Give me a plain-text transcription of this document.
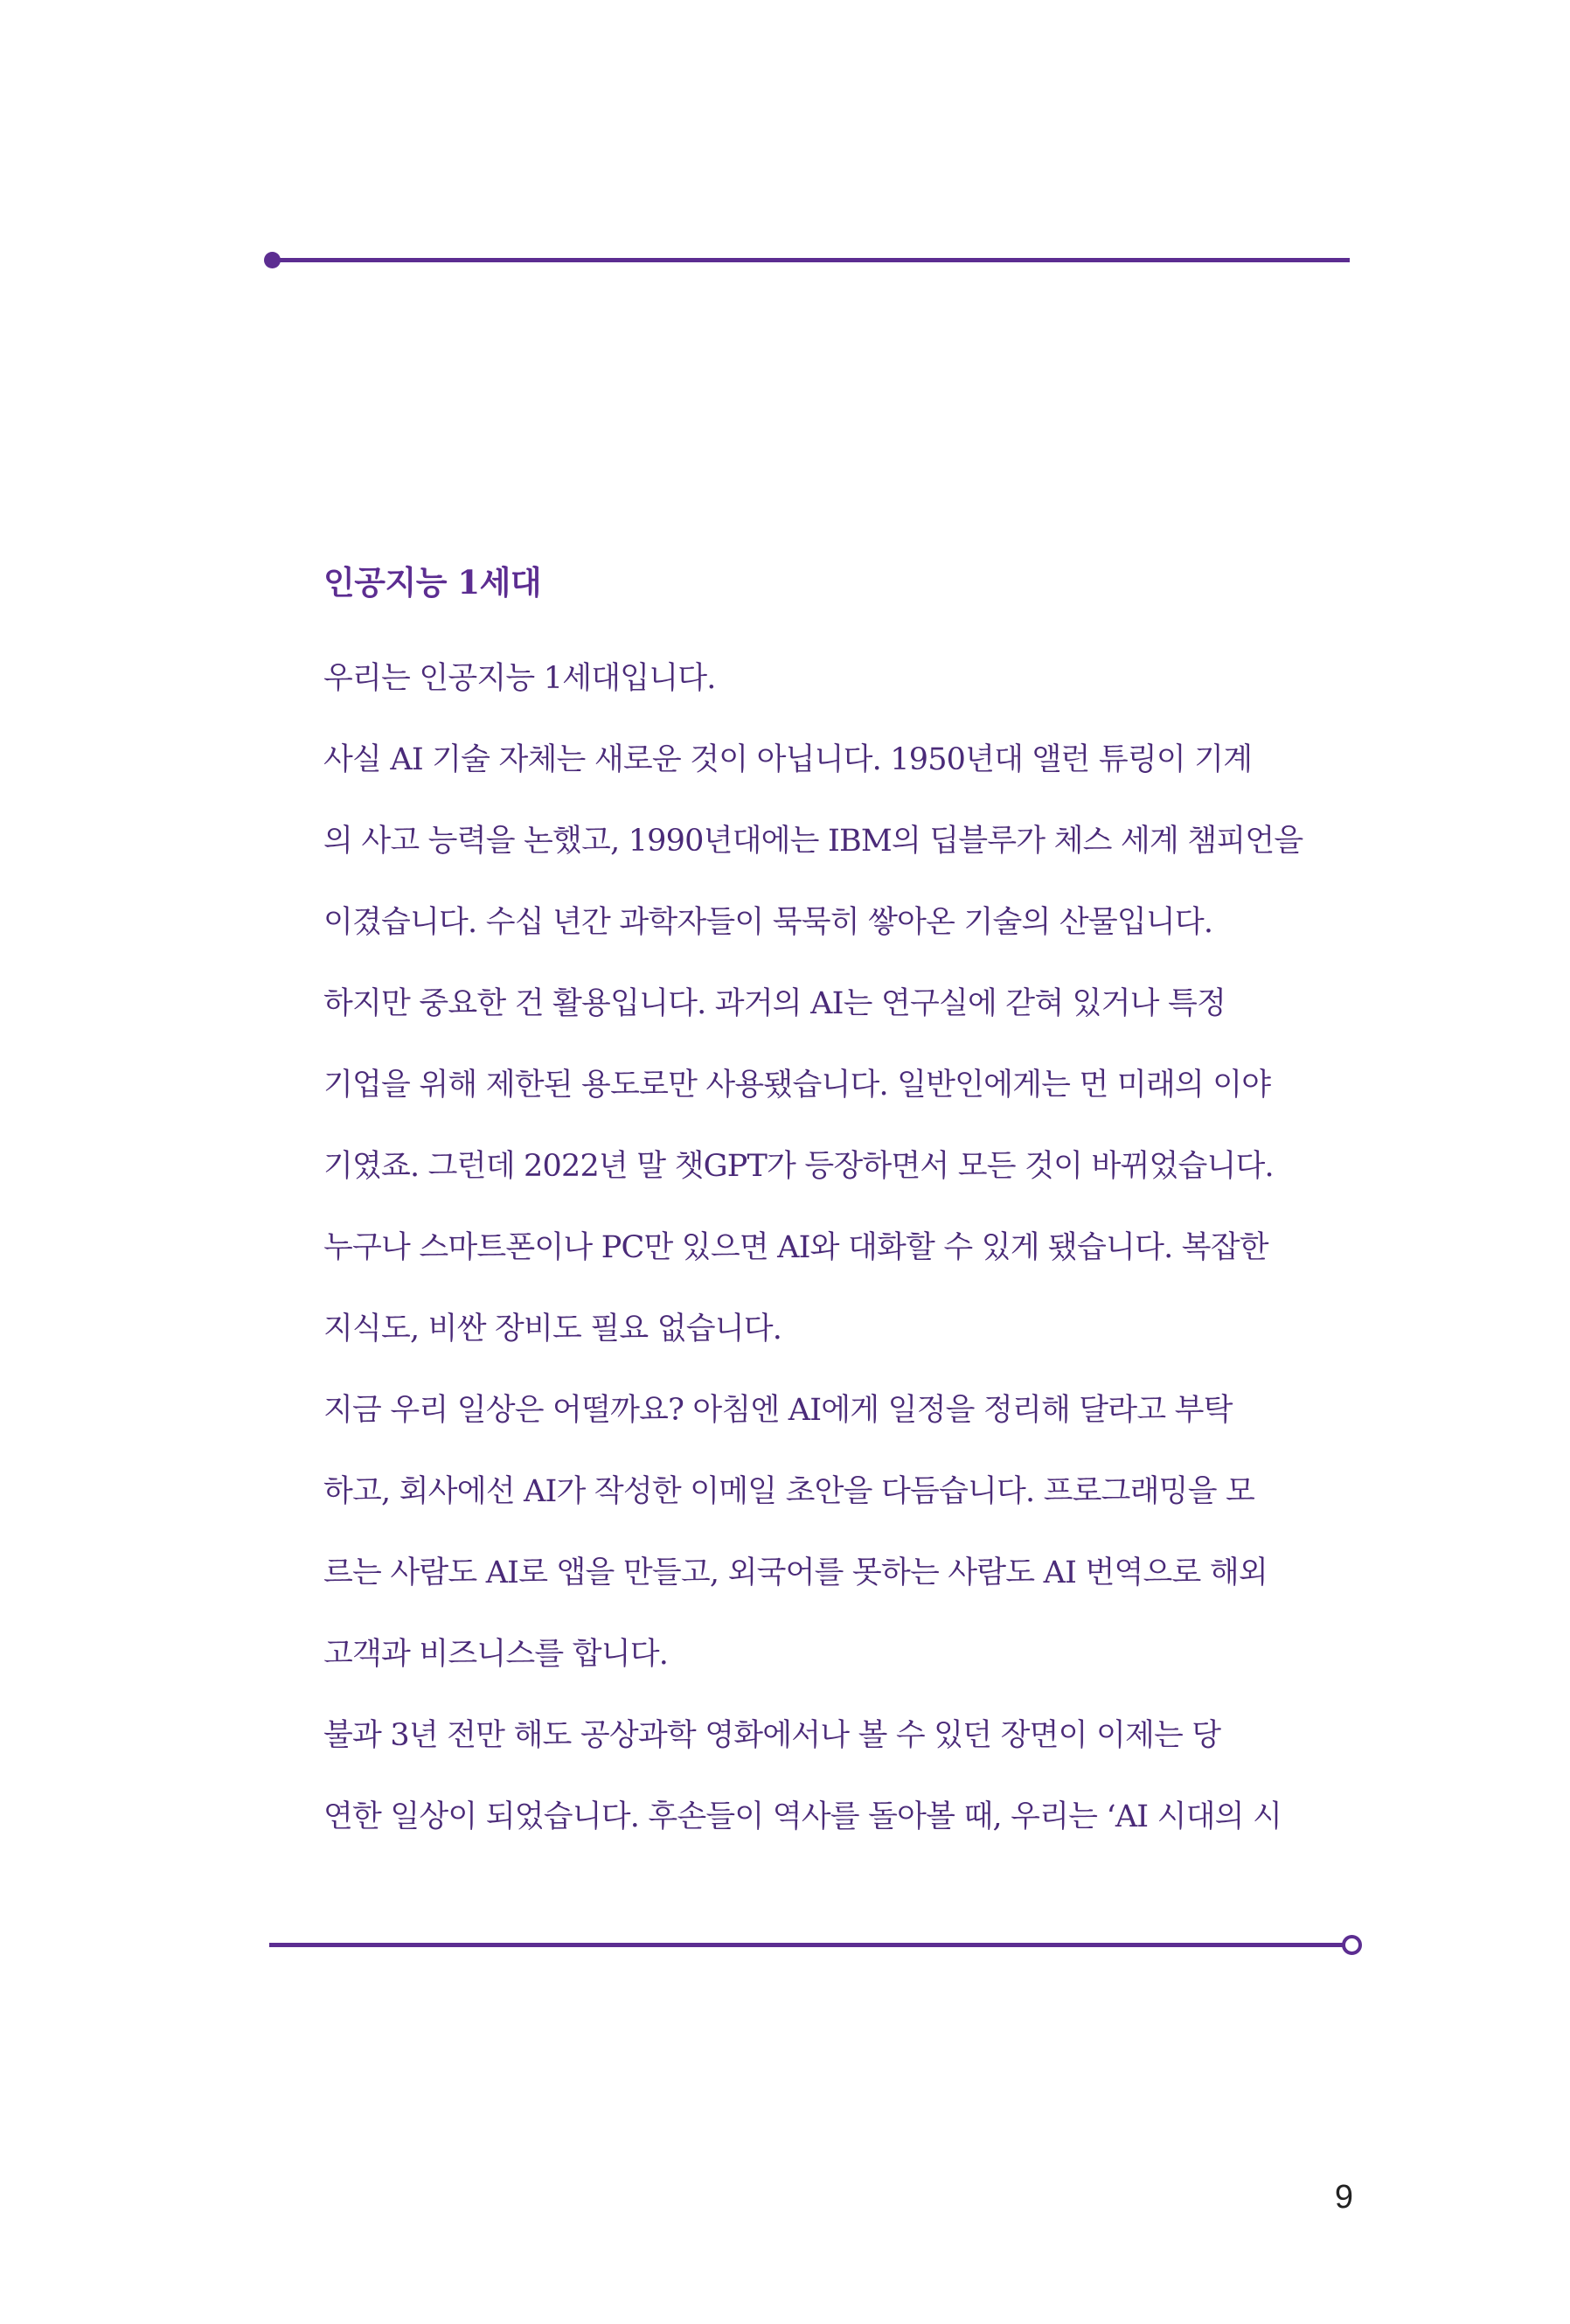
인공지능 1세대

우리는 인공지능 1세대입니다.

사실 AI 기술 자체는 새로운 것이 아닙니다. 1950년대 앨런 튜링이 기계
의 사고 능력을 논했고, 1990년대에는 IBM의 딥블루가 체스 세계 챔피언을
이겼습니다. 수십 년간 과학자들이 묵묵히 쌓아온 기술의 산물입니다.

하지만 중요한 건 활용입니다. 과거의 AI는 연구실에 갇혀 있거나 특정
기업을 위해 제한된 용도로만 사용됐습니다. 일반인에게는 먼 미래의 이야
기였죠. 그런데 2022년 말 챗GPT가 등장하면서 모든 것이 바뀌었습니다.
누구나 스마트폰이나 PC만 있으면 AI와 대화할 수 있게 됐습니다. 복잡한
지식도, 비싼 장비도 필요 없습니다.

지금 우리 일상은 어떨까요? 아침엔 AI에게 일정을 정리해 달라고 부탁
하고, 회사에선 AI가 작성한 이메일 초안을 다듬습니다. 프로그래밍을 모
르는 사람도 AI로 앱을 만들고, 외국어를 못하는 사람도 AI 번역으로 해외
고객과 비즈니스를 합니다.

불과 3년 전만 해도 공상과학 영화에서나 볼 수 있던 장면이 이제는 당
연한 일상이 되었습니다. 후손들이 역사를 돌아볼 때, 우리는 ‘AI 시대의 시

9
